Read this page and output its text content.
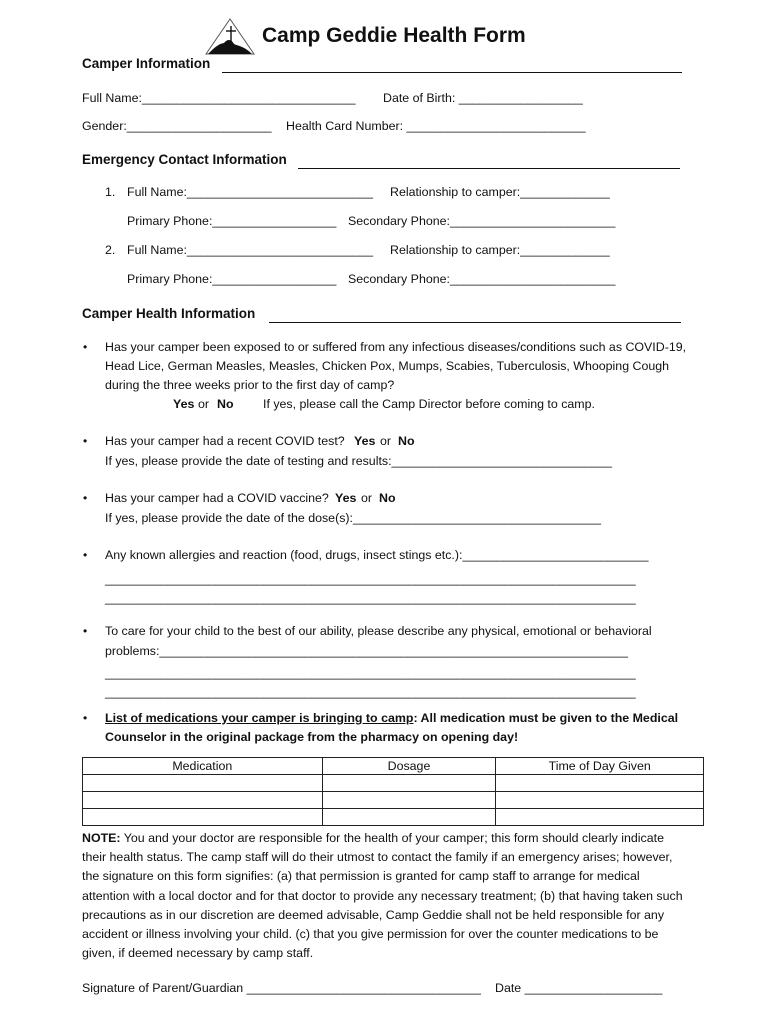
Camp Geddie Health Form
Camper Information
Full Name:_______________________________ Date of Birth: __________________
Gender:_____________________ Health Card Number: __________________________
Emergency Contact Information
1. Full Name:___________________________ Relationship to camper:_____________
Primary Phone:__________________ Secondary Phone:________________________
2. Full Name:___________________________ Relationship to camper:_____________
Primary Phone:__________________ Secondary Phone:________________________
Camper Health Information
• Has your camper been exposed to or suffered from any infectious diseases/conditions such as COVID-19, Head Lice, German Measles, Measles, Chicken Pox, Mumps, Scabies, Tuberculosis, Whooping Cough during the three weeks prior to the first day of camp?
Yes or No If yes, please call the Camp Director before coming to camp.
• Has your camper had a recent COVID test? Yes or No
If yes, please provide the date of testing and results:________________________________
• Has your camper had a COVID vaccine? Yes or No
If yes, please provide the date of the dose(s):____________________________________
• Any known allergies and reaction (food, drugs, insect stings etc.):___________________________
_____________________________________________________________________________
_____________________________________________________________________________
• To care for your child to the best of our ability, please describe any physical, emotional or behavioral
problems:____________________________________________________________________
_____________________________________________________________________________
_____________________________________________________________________________
• List of medications your camper is bringing to camp: All medication must be given to the Medical
Counselor in the original package from the pharmacy on opening day!
Medication	Dosage	Time of Day Given

NOTE: You and your doctor are responsible for the health of your camper; this form should clearly indicate their health status. The camp staff will do their utmost to contact the family if an emergency arises; however, the signature on this form signifies: (a) that permission is granted for camp staff to arrange for medical attention with a local doctor and for that doctor to provide any necessary treatment; (b) that having taken such precautions as in our discretion are deemed advisable, Camp Geddie shall not be held responsible for any accident or illness involving your child. (c) that you give permission for over the counter medications to be given, if deemed necessary by camp staff.
Signature of Parent/Guardian __________________________________ Date ____________________
